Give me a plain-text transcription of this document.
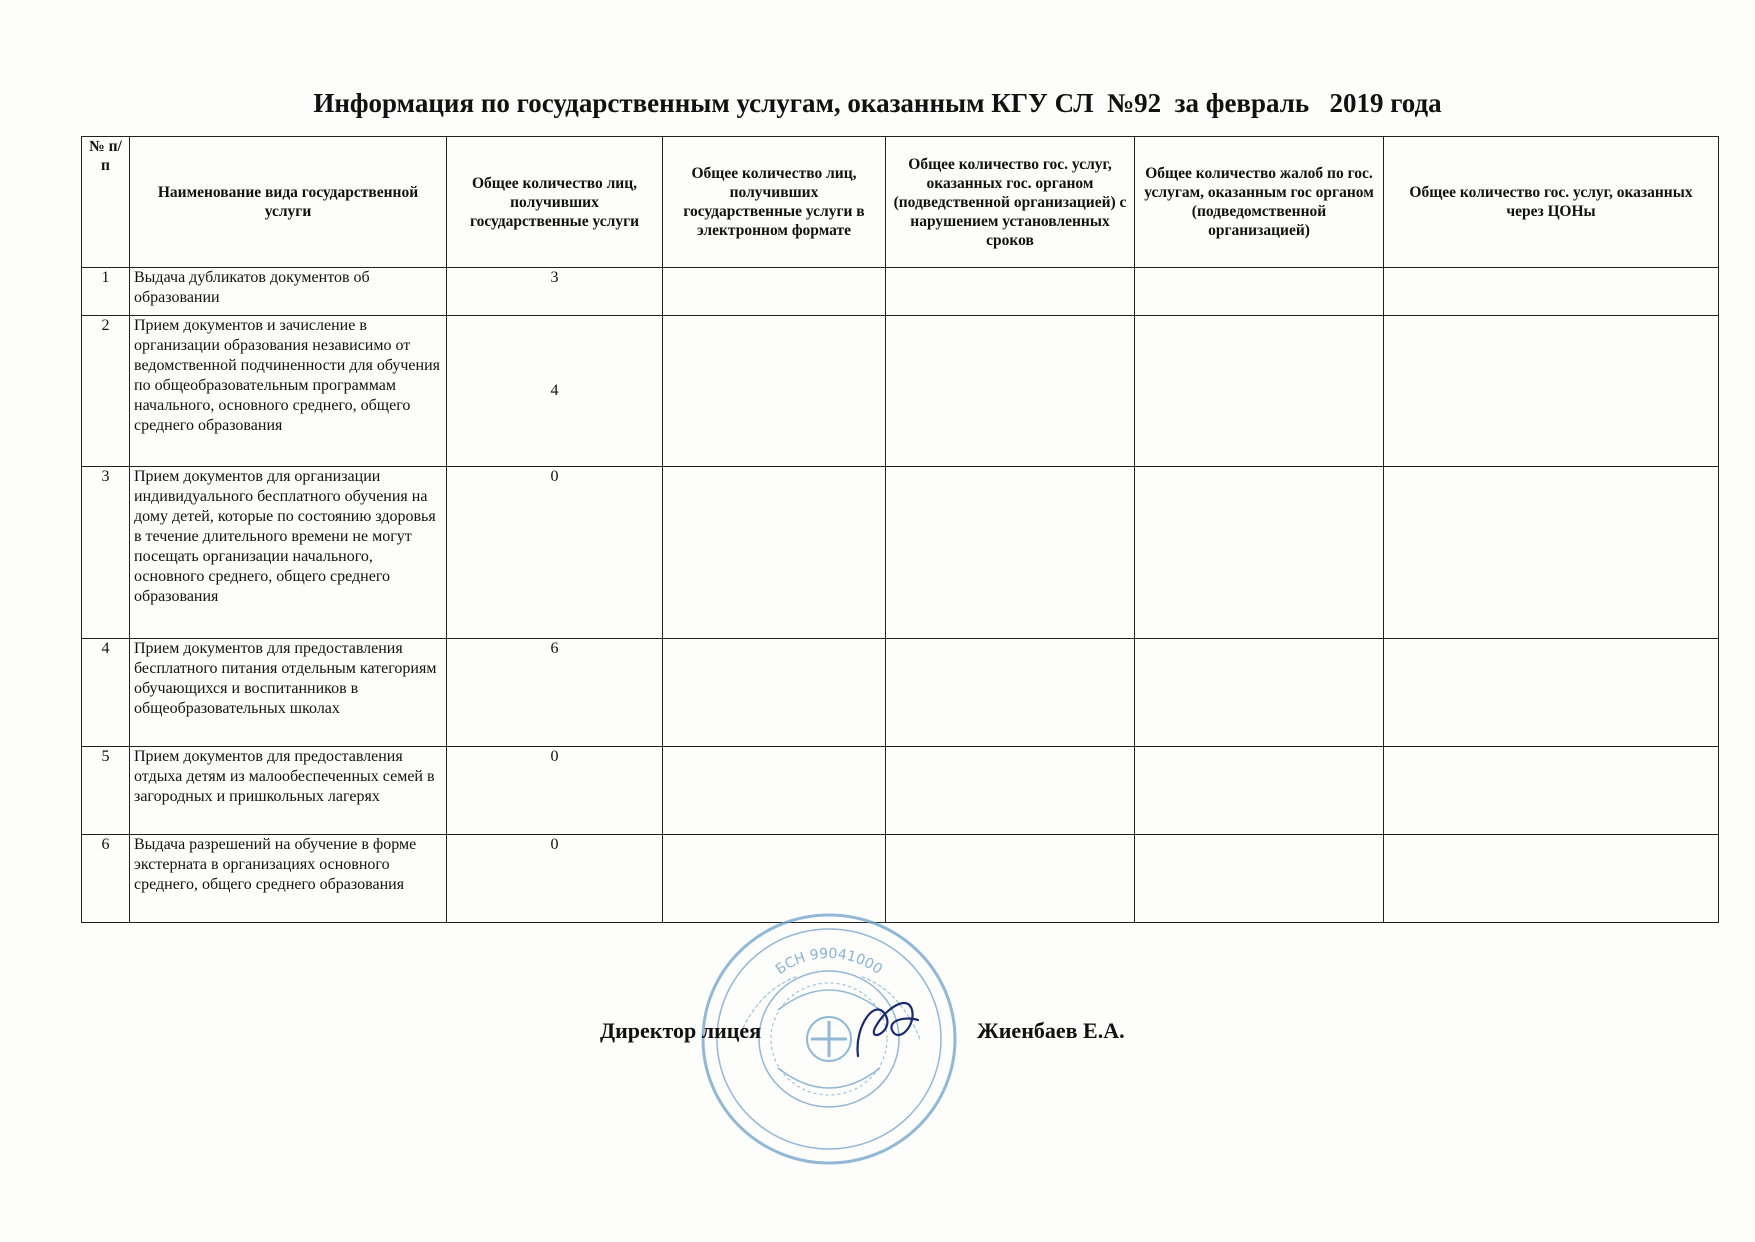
Информация по государственным услугам, оказанным КГУ СЛ  №92  за февраль   2019 года
№ п/п	Наименование вида государственной услуги	Общее количество лиц, получивших государственные услуги	Общее количество лиц, получивших государственные услуги в электронном формате	Общее количество гос. услуг, оказанных гос. органом (подведственной организацией) с нарушением установленных сроков	Общее количество жалоб по гос. услугам, оказанным гос органом (подведомственной организацией)	Общее количество гос. услуг, оказанных через ЦОНы
1	Выдача дубликатов документов об образовании	3				
2	Прием документов и зачисление в организации образования независимо от ведомственной подчиненности для обучения по общеобразовательным программам начального, основного среднего, общего среднего образования	4				
3	Прием документов для организации индивидуального бесплатного обучения на дому детей, которые по состоянию здоровья в течение длительного времени не могут посещать организации начального, основного среднего, общего среднего образования	0				
4	Прием документов для предоставления бесплатного питания отдельным категориям обучающихся и воспитанников в общеобразовательных школах	6				
5	Прием документов для предоставления отдыха детям из малообеспеченных семей в загородных и пришкольных лагерях	0				
6	Выдача разрешений на обучение в форме экстерната в организациях основного среднего, общего среднего образования	0				
БСН 99041000
Директор лицея	Жиенбаев Е.А.
